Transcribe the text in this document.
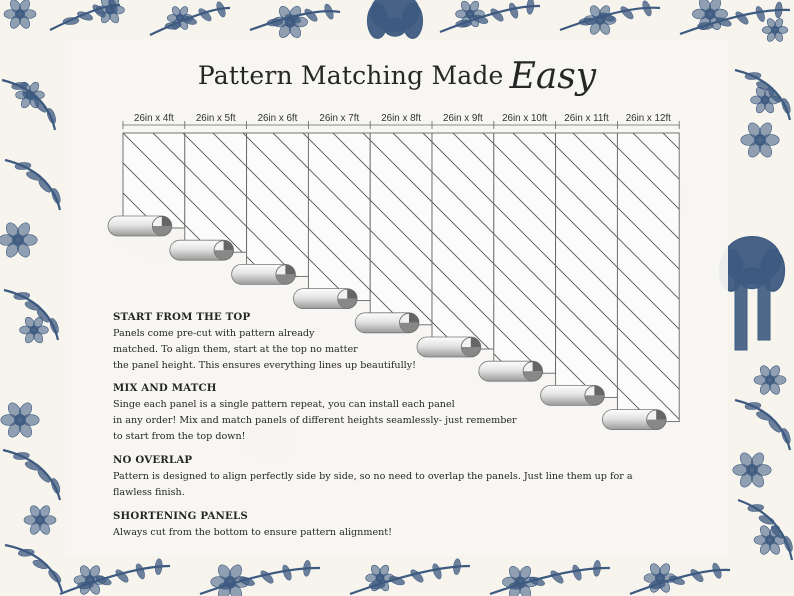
Pattern Matching Made Easy
26in x 4ft 26in x 5ft 26in x 6ft 26in x 7ft 26in x 8ft 26in x 9ft 26in x 10ft 26in x 11ft 26in x 12ft
START FROM THE TOP
Panels come pre-cut with pattern already
matched. To align them, start at the top no matter
the panel height. This ensures everything lines up beautifully!
MIX AND MATCH
Singe each panel is a single pattern repeat, you can install each panel
in any order! Mix and match panels of different heights seamlessly- just remember
to start from the top down!
NO OVERLAP
Pattern is designed to align perfectly side by side, so no need to overlap the panels. Just line them up for a
flawless finish.
SHORTENING PANELS
Always cut from the bottom to ensure pattern alignment!
